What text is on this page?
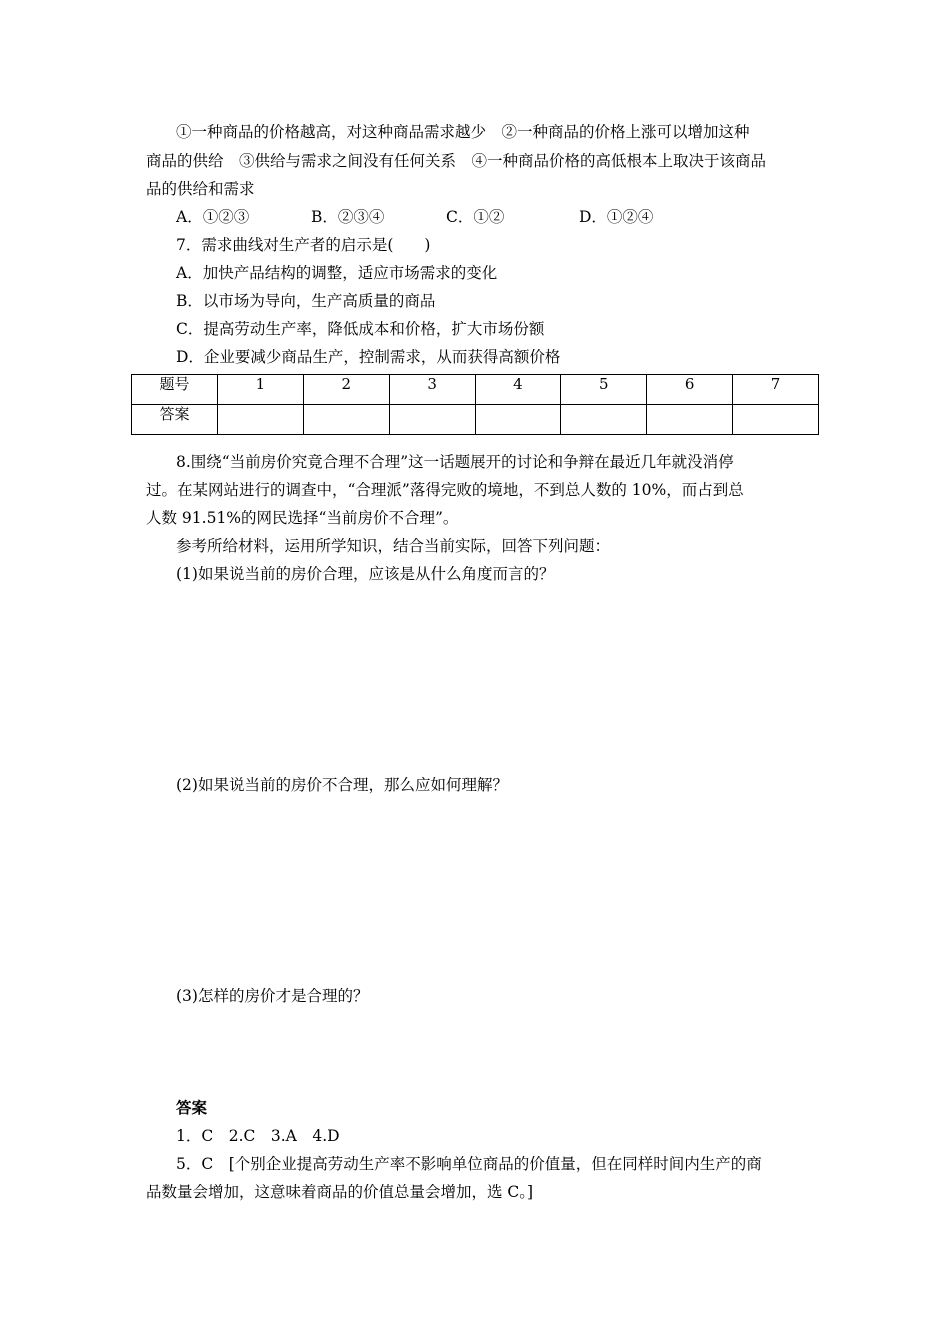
①一种商品的价格越高，对这种商品需求越少　②一种商品的价格上涨可以增加这种
商品的供给　③供给与需求之间没有任何关系　④一种商品价格的高低根本上取决于该商品
品的供给和需求
A．①②③	B．②③④	C．①②	D．①②④
7．需求曲线对生产者的启示是(　　)
A．加快产品结构的调整，适应市场需求的变化
B．以市场为导向，生产高质量的商品
C．提高劳动生产率，降低成本和价格，扩大市场份额
D．企业要减少商品生产，控制需求，从而获得高额价格
题号	1	2	3	4	5	6	7
答案							
8.围绕“当前房价究竟合理不合理”这一话题展开的讨论和争辩在最近几年就没消停
过。在某网站进行的调查中，“合理派”落得完败的境地，不到总人数的 10%，而占到总
人数 91.51%的网民选择“当前房价不合理”。
参考所给材料，运用所学知识，结合当前实际，回答下列问题：
(1)如果说当前的房价合理，应该是从什么角度而言的？
(2)如果说当前的房价不合理，那么应如何理解？
(3)怎样的房价才是合理的？
答案
1．C　2.C　3.A　4.D
5．C　[个别企业提高劳动生产率不影响单位商品的价值量，但在同样时间内生产的商
品数量会增加，这意味着商品的价值总量会增加，选 C。]
